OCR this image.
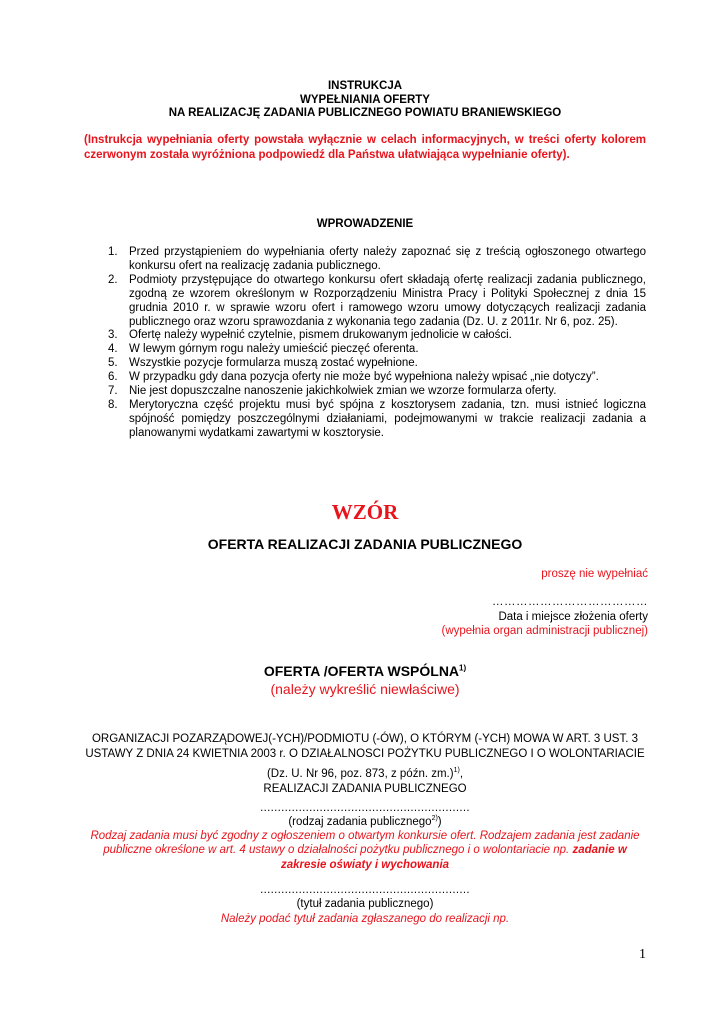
INSTRUKCJA
WYPEŁNIANIA OFERTY
NA REALIZACJĘ ZADANIA PUBLICZNEGO POWIATU BRANIEWSKIEGO
(Instrukcja wypełniania oferty powstała wyłącznie w celach informacyjnych, w treści oferty kolorem czerwonym została wyróżniona podpowiedź dla Państwa ułatwiająca wypełnianie oferty).
WPROWADZENIE
1. Przed przystąpieniem do wypełniania oferty należy zapoznać się z treścią ogłoszonego otwartego konkursu ofert na realizację zadania publicznego.
2. Podmioty przystępujące do otwartego konkursu ofert składają ofertę realizacji zadania publicznego, zgodną ze wzorem określonym w Rozporządzeniu Ministra Pracy i Polityki Społecznej z dnia 15 grudnia 2010 r. w sprawie wzoru ofert i ramowego wzoru umowy dotyczących realizacji zadania publicznego oraz wzoru sprawozdania z wykonania tego zadania (Dz. U. z 2011r. Nr 6, poz. 25).
3. Ofertę należy wypełnić czytelnie, pismem drukowanym jednolicie w całości.
4. W lewym górnym rogu należy umieścić pieczęć oferenta.
5. Wszystkie pozycje formularza muszą zostać wypełnione.
6. W przypadku gdy dana pozycja oferty nie może być wypełniona należy wpisać „nie dotyczy”.
7. Nie jest dopuszczalne nanoszenie jakichkolwiek zmian we wzorze formularza oferty.
8. Merytoryczna część projektu musi być spójna z kosztorysem zadania, tzn. musi istnieć logiczna spójność pomiędzy poszczególnymi działaniami, podejmowanymi w trakcie realizacji zadania a planowanymi wydatkami zawartymi w kosztorysie.
WZÓR
OFERTA REALIZACJI ZADANIA PUBLICZNEGO
proszę nie wypełniać
…………………………………
Data i miejsce złożenia oferty
(wypełnia organ administracji publicznej)
OFERTA /OFERTA WSPÓLNA$^{1)}$
(należy wykreślić niewłaściwe)
ORGANIZACJI POZARZĄDOWEJ(-YCH)/PODMIOTU (-ÓW), O KTÓRYM (-YCH) MOWA W ART. 3 UST. 3 USTAWY Z DNIA 24 KWIETNIA 2003 r. O DZIAŁALNOSCI POŻYTKU PUBLICZNEGO I O WOLONTARIACIE (Dz. U. Nr 96, poz. 873, z późn. zm.)$^{1)}$,
REALIZACJI ZADANIA PUBLICZNEGO
............................................................
(rodzaj zadania publicznego$^{2)}$)
Rodzaj zadania musi być zgodny z ogłoszeniem o otwartym konkursie ofert. Rodzajem zadania jest zadanie publiczne określone w art. 4 ustawy o działalności pożytku publicznego i o wolontariacie np. zadanie w zakresie oświaty i wychowania
............................................................
(tytuł zadania publicznego)
Należy podać tytuł zadania zgłaszanego do realizacji np.
1
